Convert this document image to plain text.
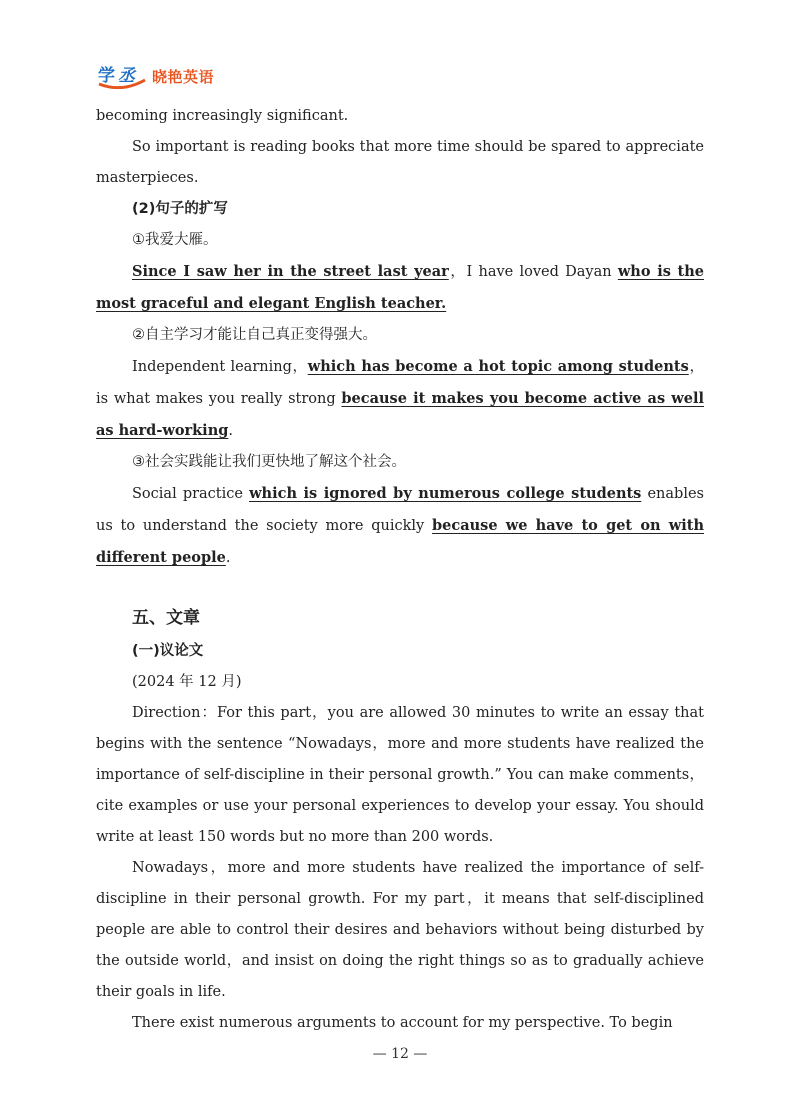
学 丞 晓艳英语

becoming increasingly significant.

So important is reading books that more time should be spared to appreciate masterpieces.

(2)句子的扩写

①我爱大雁。

Since I saw her in the street last year，I have loved Dayan who is the most graceful and elegant English teacher.

②自主学习才能让自己真正变得强大。

Independent learning，which has become a hot topic among students，is what makes you really strong because it makes you become active as well as hard-working.

③社会实践能让我们更快地了解这个社会。

Social practice which is ignored by numerous college students enables us to understand the society more quickly because we have to get on with different people.

五、文章

(一)议论文

(2024 年 12 月)

Direction：For this part，you are allowed 30 minutes to write an essay that begins with the sentence “Nowadays，more and more students have realized the importance of self-discipline in their personal growth.” You can make comments，cite examples or use your personal experiences to develop your essay. You should write at least 150 words but no more than 200 words.

Nowadays，more and more students have realized the importance of self-discipline in their personal growth. For my part，it means that self-disciplined people are able to control their desires and behaviors without being disturbed by the outside world，and insist on doing the right things so as to gradually achieve their goals in life.

There exist numerous arguments to account for my perspective. To begin

— 12 —
